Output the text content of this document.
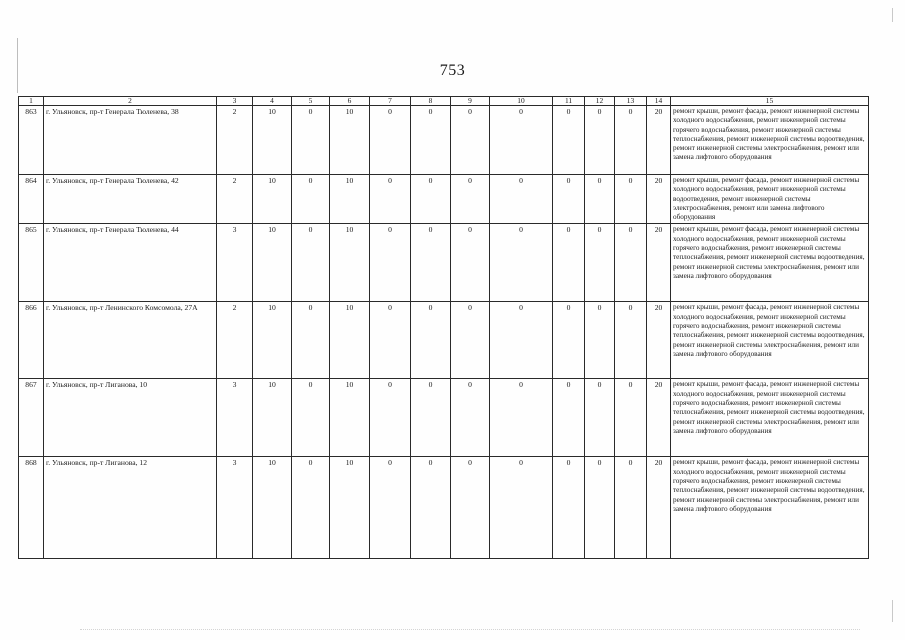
753
1	2	3	4	5	6	7	8	9	10	11	12	13	14	15
863	г. Ульяновск, пр-т Генерала Тюленева, 38	2	10	0	10	0	0	0	0	0	0	0	20	ремонт крыши, ремонт фасада, ремонт инженерной системы холодного водоснабжения, ремонт инженерной системы горячего водоснабжения, ремонт инженерной системы теплоснабжения, ремонт инженерной системы водоотведения, ремонт инженерной системы электроснабжения, ремонт или замена лифтового оборудования
864	г. Ульяновск, пр-т Генерала Тюленева, 42	2	10	0	10	0	0	0	0	0	0	0	20	ремонт крыши, ремонт фасада, ремонт инженерной системы холодного водоснабжения, ремонт инженерной системы водоотведения, ремонт инженерной системы электроснабжения, ремонт или замена лифтового оборудования
865	г. Ульяновск, пр-т Генерала Тюленева, 44	3	10	0	10	0	0	0	0	0	0	0	20	ремонт крыши, ремонт фасада, ремонт инженерной системы холодного водоснабжения, ремонт инженерной системы горячего водоснабжения, ремонт инженерной системы теплоснабжения, ремонт инженерной системы водоотведения, ремонт инженерной системы электроснабжения, ремонт или замена лифтового оборудования
866	г. Ульяновск, пр-т Ленинского Комсомола, 27А	2	10	0	10	0	0	0	0	0	0	0	20	ремонт крыши, ремонт фасада, ремонт инженерной системы холодного водоснабжения, ремонт инженерной системы горячего водоснабжения, ремонт инженерной системы теплоснабжения, ремонт инженерной системы водоотведения, ремонт инженерной системы электроснабжения, ремонт или замена лифтового оборудования
867	г. Ульяновск, пр-т Лиганова, 10	3	10	0	10	0	0	0	0	0	0	0	20	ремонт крыши, ремонт фасада, ремонт инженерной системы холодного водоснабжения, ремонт инженерной системы горячего водоснабжения, ремонт инженерной системы теплоснабжения, ремонт инженерной системы водоотведения, ремонт инженерной системы электроснабжения, ремонт или замена лифтового оборудования
868	г. Ульяновск, пр-т Лиганова, 12	3	10	0	10	0	0	0	0	0	0	0	20	ремонт крыши, ремонт фасада, ремонт инженерной системы холодного водоснабжения, ремонт инженерной системы горячего водоснабжения, ремонт инженерной системы теплоснабжения, ремонт инженерной системы водоотведения, ремонт инженерной системы электроснабжения, ремонт или замена лифтового оборудования
